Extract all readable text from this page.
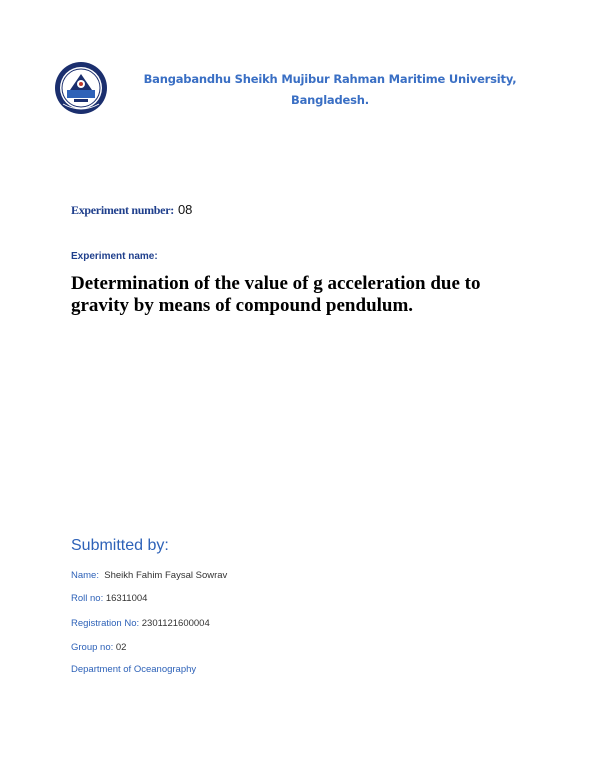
Bangabandhu Sheikh Mujibur Rahman Maritime University,
Bangladesh.
Experiment number: 08
Experiment name:
Determination of the value of g acceleration due to gravity by means of compound pendulum.
Submitted by:
Name: Sheikh Fahim Faysal Sowrav
Roll no: 16311004
Registration No: 2301121600004
Group no: 02
Department of Oceanography
